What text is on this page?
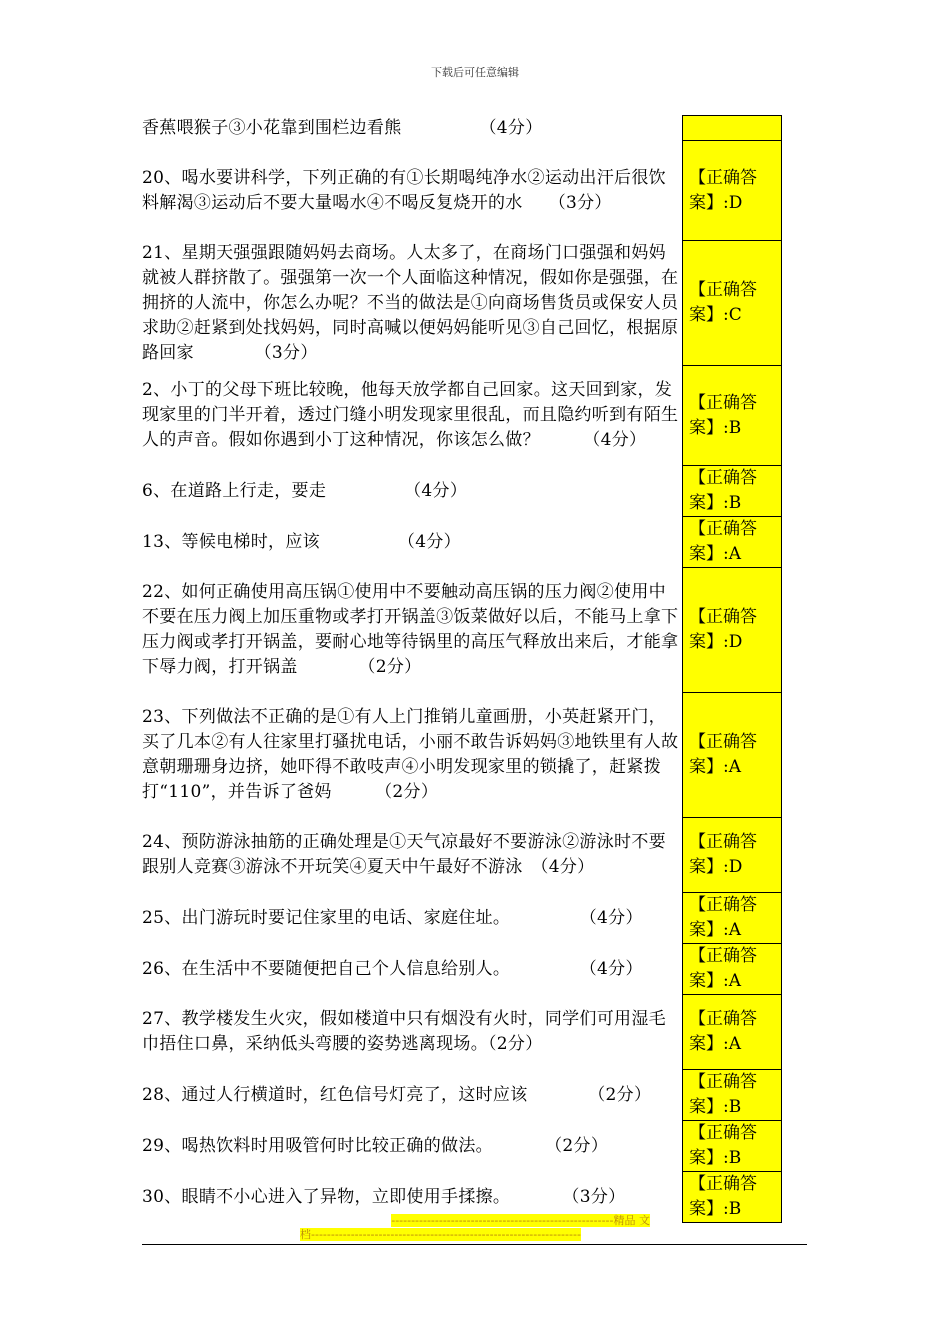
下载后可任意编辑
香蕉喂猴子③小花靠到围栏边看熊　　　　　（4分）	
20、喝水要讲科学，下列正确的有①长期喝纯净水②运动出汗后很饮料解渴③运动后不要大量喝水④不喝反复烧开的水　　（3分）	【正确答案】:D
21、星期天强强跟随妈妈去商场。人太多了，在商场门口强强和妈妈就被人群挤散了。强强第一次一个人面临这种情况，假如你是强强，在拥挤的人流中，你怎么办呢？不当的做法是①向商场售货员或保安人员求助②赶紧到处找妈妈，同时高喊以便妈妈能听见③自己回忆，根据原路回家　　　　（3分）	【正确答案】:C
2、小丁的父母下班比较晚，他每天放学都自己回家。这天回到家，发现家里的门半开着，透过门缝小明发现家里很乱，而且隐约听到有陌生人的声音。假如你遇到小丁这种情况，你该怎么做？　　　（4分）	【正确答案】:B
6、在道路上行走，要走　　　　　（4分）	【正确答案】:B
13、等候电梯时，应该　　　　　（4分）	【正确答案】:A
22、如何正确使用高压锅①使用中不要触动高压锅的压力阀②使用中不要在压力阀上加压重物或孝打开锅盖③饭菜做好以后，不能马上拿下压力阀或孝打开锅盖，要耐心地等待锅里的高压气释放出来后，才能拿下辱力阀，打开锅盖　　　　（2分）	【正确答案】:D
23、下列做法不正确的是①有人上门推销儿童画册，小英赶紧开门，买了几本②有人往家里打骚扰电话，小丽不敢告诉妈妈③地铁里有人故意朝珊珊身边挤，她吓得不敢吱声④小明发现家里的锁撬了，赶紧拨打“110”，并告诉了爸妈　　　（2分）	【正确答案】:A
24、预防游泳抽筋的正确处理是①天气凉最好不要游泳②游泳时不要跟别人竞赛③游泳不开玩笑④夏天中午最好不游泳　（4分）	【正确答案】:D
25、出门游玩时要记住家里的电话、家庭住址。　　　　　（4分）	【正确答案】:A
26、在生活中不要随便把自己个人信息给别人。　　　　　（4分）	【正确答案】:A
27、教学楼发生火灾，假如楼道中只有烟没有火时，同学们可用湿毛巾捂住口鼻，采纳低头弯腰的姿势逃离现场。（2分）	【正确答案】:A
28、通过人行横道时，红色信号灯亮了，这时应该　　　　（2分）	【正确答案】:B
29、喝热饮料时用吸管何时比较正确的做法。　　　　（2分）	【正确答案】:B
30、眼睛不小心进入了异物，立即使用手揉擦。　　　　（3分）	【正确答案】:B
--------------------------------------------------------精品 文
档--------------------------------------------------------------------
